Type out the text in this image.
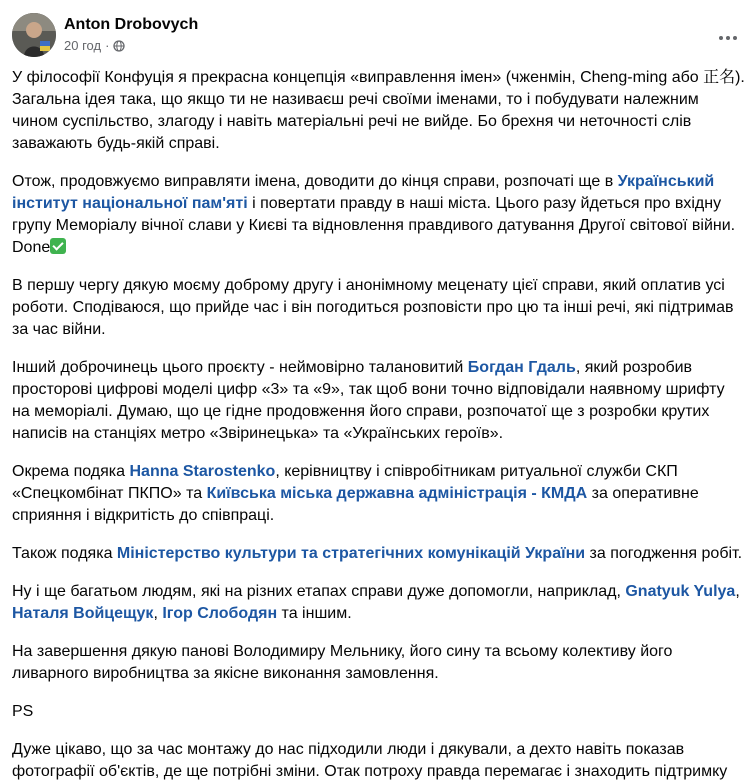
Anton Drobovych
20 год ·

У філософії Конфуція я прекрасна концепція «виправлення імен» (чженмін, Cheng-ming або 正名). Загальна ідея така, що якщо ти не називаєш речі своїми іменами, то і побудувати належним чином суспільство, злагоду і навіть матеріальні речі не вийде. Бо брехня чи неточності слів заважають будь-якій справі.

Отож, продовжуємо виправляти імена, доводити до кінця справи, розпочаті ще в Український інститут національної пам'яті і повертати правду в наші міста. Цього разу йдеться про вхідну групу Меморіалу вічної слави у Києві та відновлення правдивого датування Другої світової війни. Done

В першу чергу дякую моєму доброму другу і анонімному меценату цієї справи, який оплатив усі роботи. Сподіваюся, що прийде час і він погодиться розповісти про цю та інші речі, які підтримав за час війни.

Інший доброчинець цього проєкту - неймовірно талановитий Богдан Гдаль, який розробив просторові цифрові моделі цифр «3» та «9», так щоб вони точно відповідали наявному шрифту на меморіалі. Думаю, що це гідне продовження його справи, розпочатої ще з розробки крутих написів на станціях метро «Звіринецька» та «Українських героїв».

Окрема подяка Hanna Starostenko, керівництву і співробітникам ритуальної служби СКП «Спецкомбінат ПКПО» та Київська міська державна адміністрація - КМДА за оперативне сприяння і відкритість до співпраці.

Також подяка Міністерство культури та стратегічних комунікацій України за погодження робіт.

Ну і ще багатьом людям, які на різних етапах справи дуже допомогли, наприклад, Gnatyuk Yulya, Наталя Войцещук, Ігор Слободян та іншим.

На завершення дякую панові Володимиру Мельнику, його сину та всьому колективу його ливарного виробництва за якісне виконання замовлення.

PS

Дуже цікаво, що за час монтажу до нас підходили люди і дякували, а дехто навіть показав фотографії об'єктів, де ще потрібні зміни. Отак потроху правда перемагає і знаходить підтримку
